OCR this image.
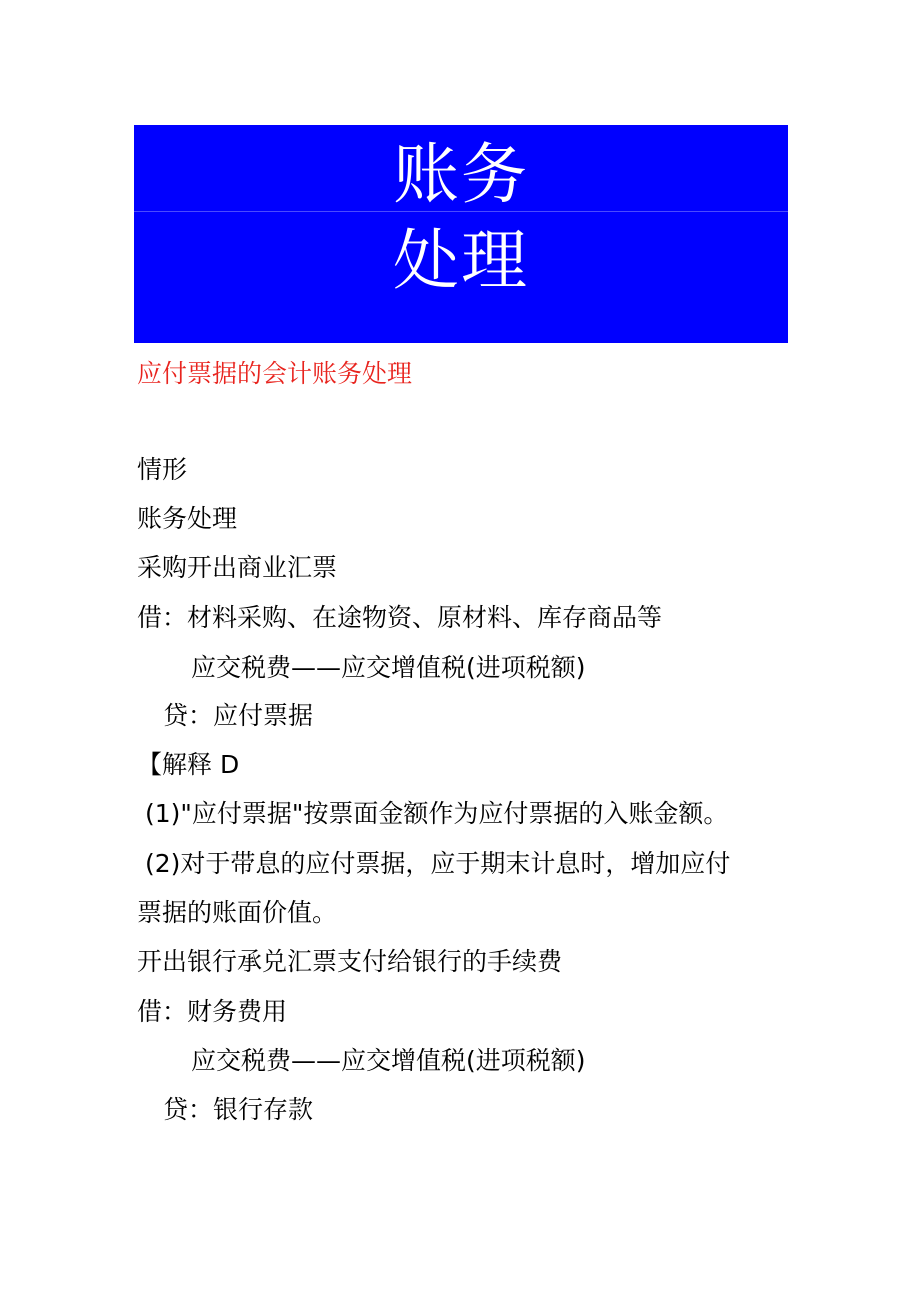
账务
处理
应付票据的会计账务处理
情形
账务处理
采购开出商业汇票
借：材料采购、在途物资、原材料、库存商品等
应交税费——应交增值税(进项税额)
贷：应付票据
【解释 D
(1)"应付票据"按票面金额作为应付票据的入账金额。
(2)对于带息的应付票据，应于期末计息时，增加应付
票据的账面价值。
开出银行承兑汇票支付给银行的手续费
借：财务费用
应交税费——应交增值税(进项税额)
贷：银行存款
